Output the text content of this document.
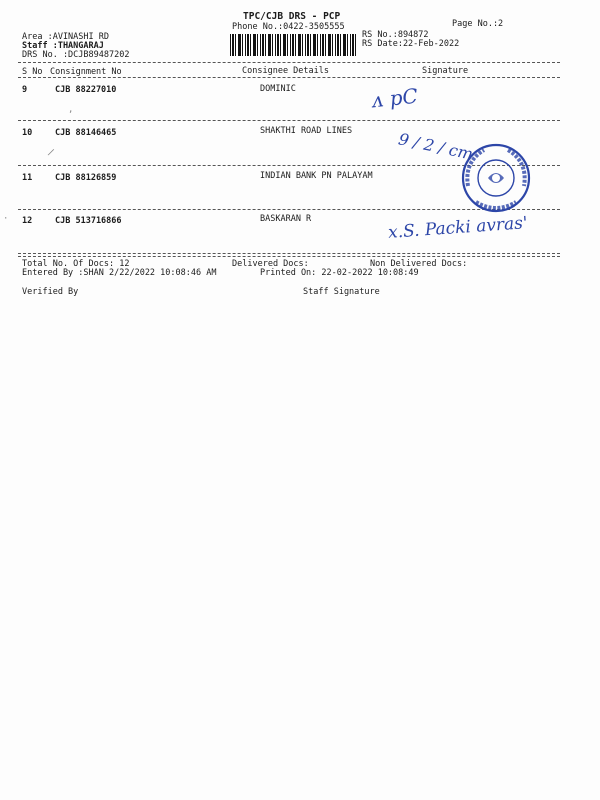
TPC/CJB DRS - PCP
Phone No.:0422-3505555	Page No.:2
Area :AVINASHI RD
Staff :THANGARAJ
DRS No. :DCJB89487202
RS No.:894872
RS Date:22-Feb-2022
S No Consignment No	Consignee Details	Signature
9	CJB 88227010	DOMINIC
10	CJB 88146465	SHAKTHI ROAD LINES
11	CJB 88126859	INDIAN BANK PN PALAYAM
12	CJB 513716866	BASKARAN R
ᴧ pC
9 / 2 / cm
x.S. Packi avras'
,
/
·
Total No. Of Docs: 12	Delivered Docs:	Non Delivered Docs:
Entered By :SHAN 2/22/2022 10:08:46 AM	Printed On: 22-02-2022 10:08:49
Verified By	Staff Signature
